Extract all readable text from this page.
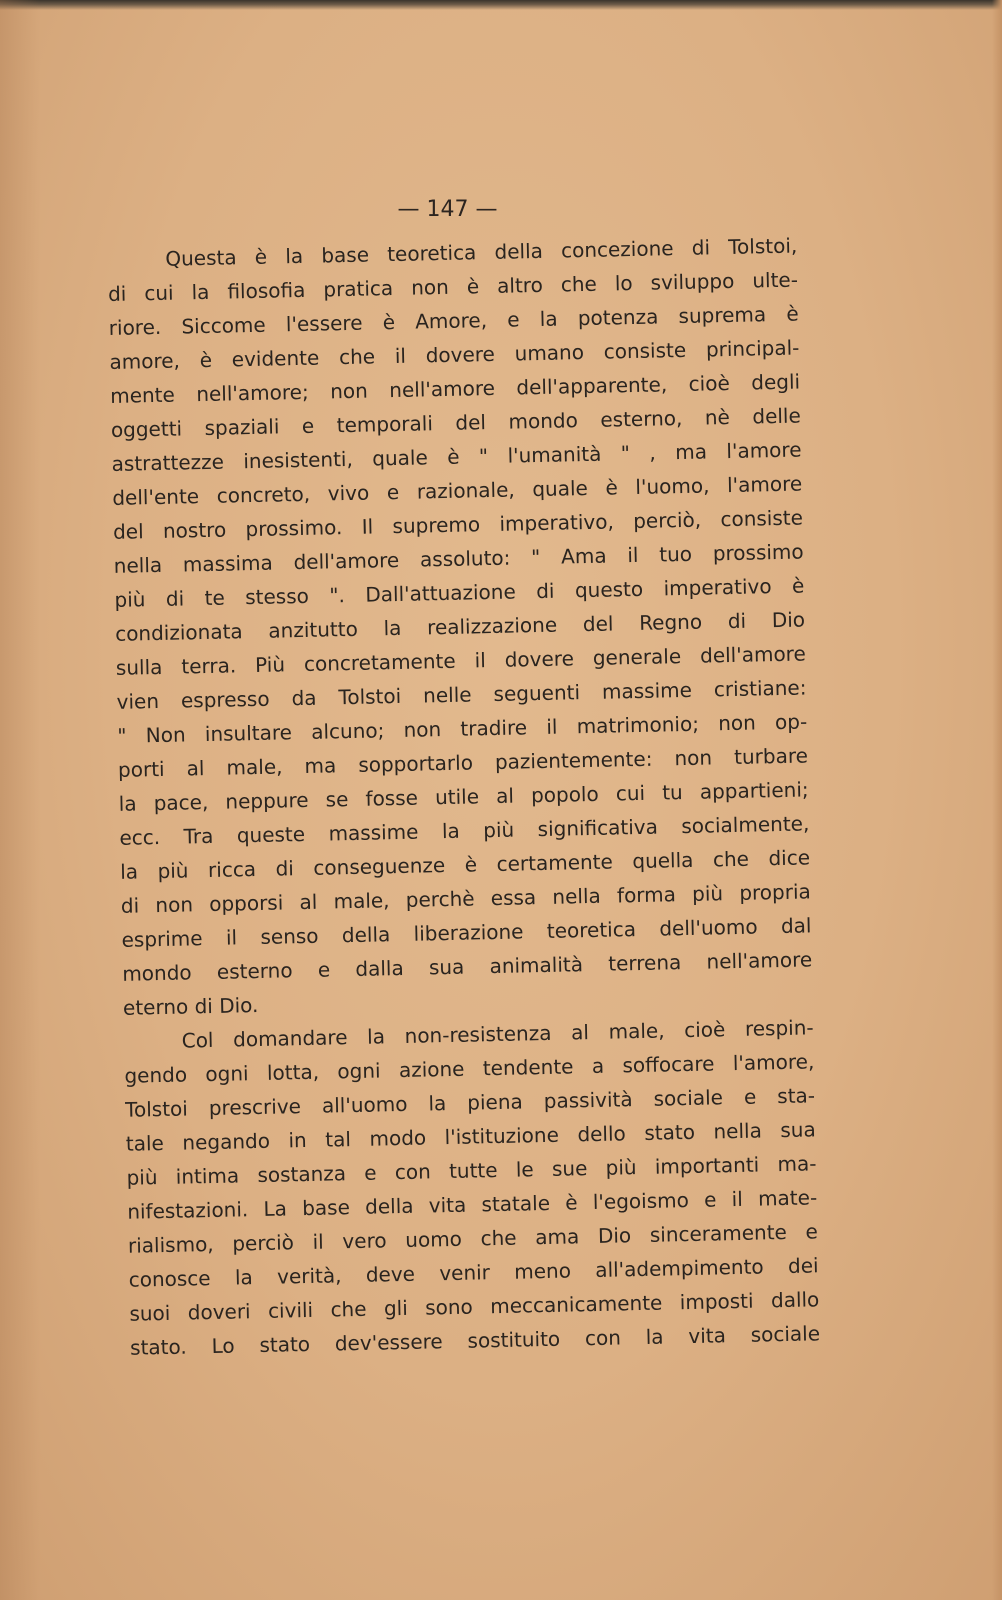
— 147 —
Questa è la base teoretica della concezione di Tolstoi,
di cui la filosofia pratica non è altro che lo sviluppo ulte-
riore. Siccome l'essere è Amore, e la potenza suprema è
amore, è evidente che il dovere umano consiste principal-
mente nell'amore; non nell'amore dell'apparente, cioè degli
oggetti spaziali e temporali del mondo esterno, nè delle
astrattezze inesistenti, quale è " l'umanità " , ma l'amore
dell'ente concreto, vivo e razionale, quale è l'uomo, l'amore
del nostro prossimo. Il supremo imperativo, perciò, consiste
nella massima dell'amore assoluto: " Ama il tuo prossimo
più di te stesso ". Dall'attuazione di questo imperativo è
condizionata anzitutto la realizzazione del Regno di Dio
sulla terra. Più concretamente il dovere generale dell'amore
vien espresso da Tolstoi nelle seguenti massime cristiane:
" Non insultare alcuno; non tradire il matrimonio; non op-
porti al male, ma sopportarlo pazientemente: non turbare
la pace, neppure se fosse utile al popolo cui tu appartieni;
ecc. Tra queste massime la più significativa socialmente,
la più ricca di conseguenze è certamente quella che dice
di non opporsi al male, perchè essa nella forma più propria
esprime il senso della liberazione teoretica dell'uomo dal
mondo esterno e dalla sua animalità terrena nell'amore
eterno di Dio.
Col domandare la non-resistenza al male, cioè respin-
gendo ogni lotta, ogni azione tendente a soffocare l'amore,
Tolstoi prescrive all'uomo la piena passività sociale e sta-
tale negando in tal modo l'istituzione dello stato nella sua
più intima sostanza e con tutte le sue più importanti ma-
nifestazioni. La base della vita statale è l'egoismo e il mate-
rialismo, perciò il vero uomo che ama Dio sinceramente e
conosce la verità, deve venir meno all'adempimento dei
suoi doveri civili che gli sono meccanicamente imposti dallo
stato. Lo stato dev'essere sostituito con la vita sociale
